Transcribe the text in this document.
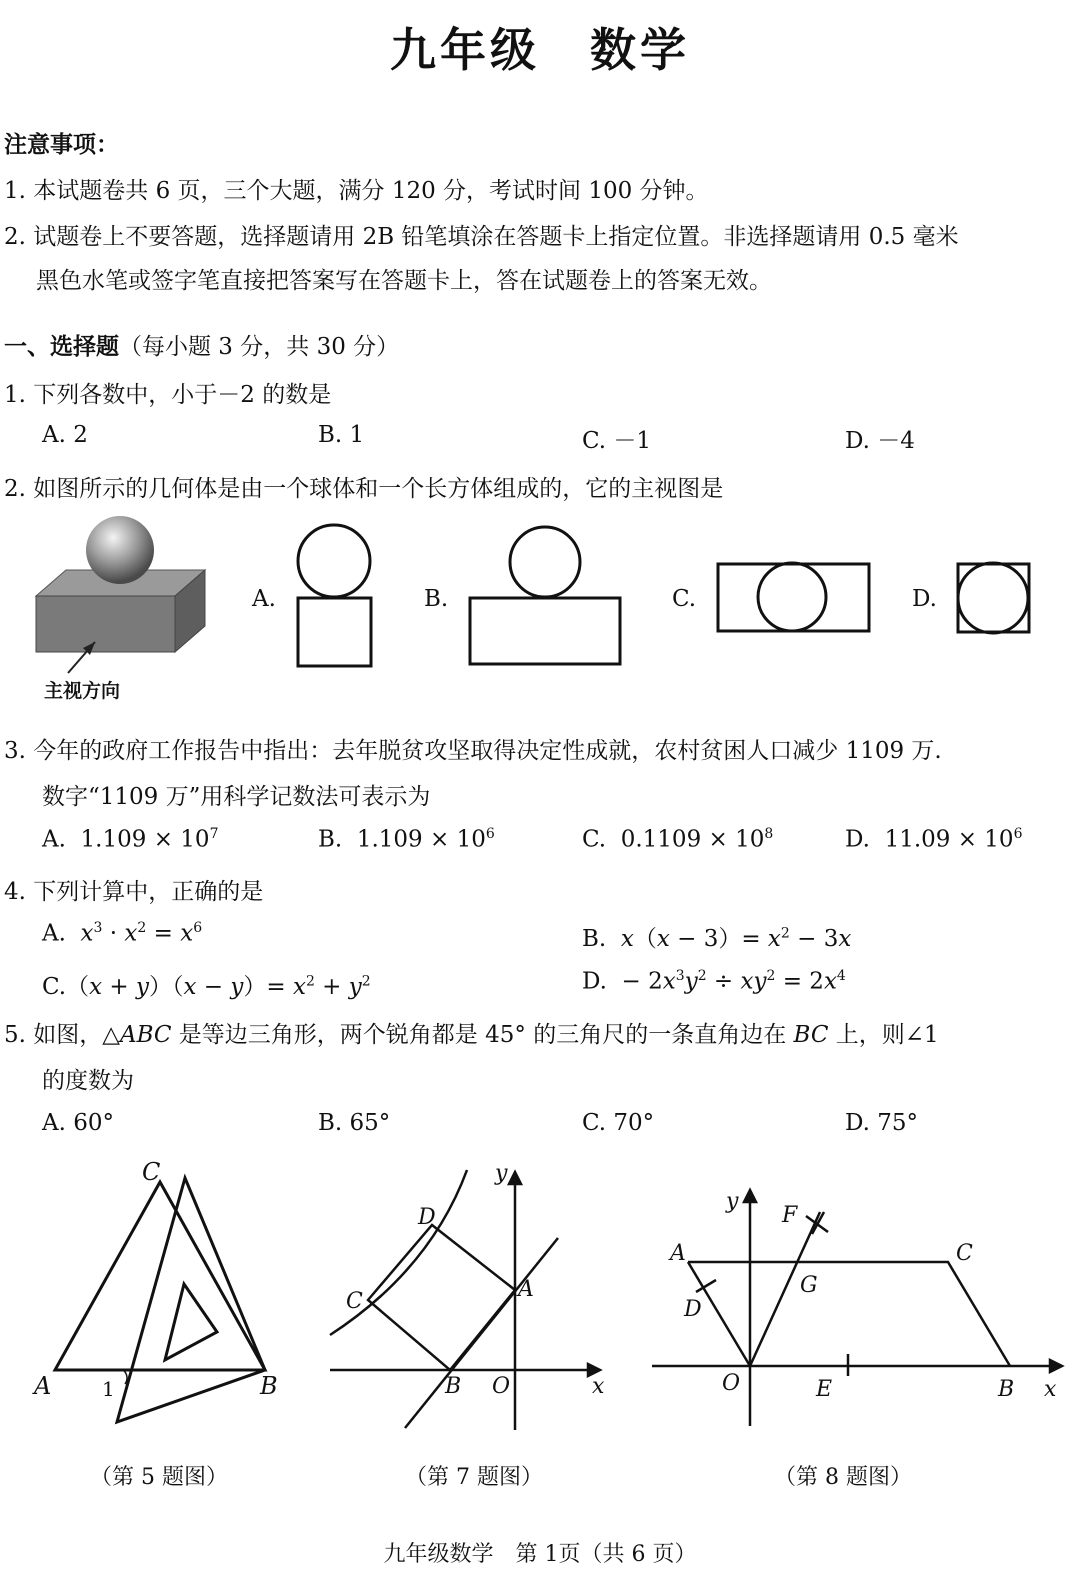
九年级　数学
注意事项：
1. 本试题卷共 6 页，三个大题，满分 120 分，考试时间 100 分钟。
2. 试题卷上不要答题，选择题请用 2B 铅笔填涂在答题卡上指定位置。非选择题请用 0.5 毫米
黑色水笔或签字笔直接把答案写在答题卡上，答在试题卷上的答案无效。
一、选择题（每小题 3 分，共 30 分）
1. 下列各数中，小于－2 的数是
A. 2	B. 1	C. －1	D. －4
2. 如图所示的几何体是由一个球体和一个长方体组成的，它的主视图是
主视方向
A.	B.	C.	D.
3. 今年的政府工作报告中指出：去年脱贫攻坚取得决定性成就，农村贫困人口减少 1109 万.
数字“1109 万”用科学记数法可表示为
A. $1.109 \times 10^7$	B. $1.109 \times 10^6$	C. $0.1109 \times 10^8$	D. $11.09 \times 10^6$
4. 下列计算中，正确的是
A. $x^3 \cdot x^2 = x^6$	B. $x(x - 3)= x^2 - 3x$
$C.(x + y)(x - y)= x^2 + y^2$	D.  − $2x^3y^2 \div xy^2 = 2x^4$
5. 如图，△ABC 是等边三角形，两个锐角都是 45° 的三角尺的一条直角边在 BC 上，则∠1
的度数为
A. 60°	B. 65°	C. 70°	D. 75°
C
A	1	B
y
D
A
C
B O	x
y
F
A	C
G
D
O	E	B x
（第 5 题图）	（第 7 题图）	（第 8 题图）
九年级数学　第 1页（共 6 页）
